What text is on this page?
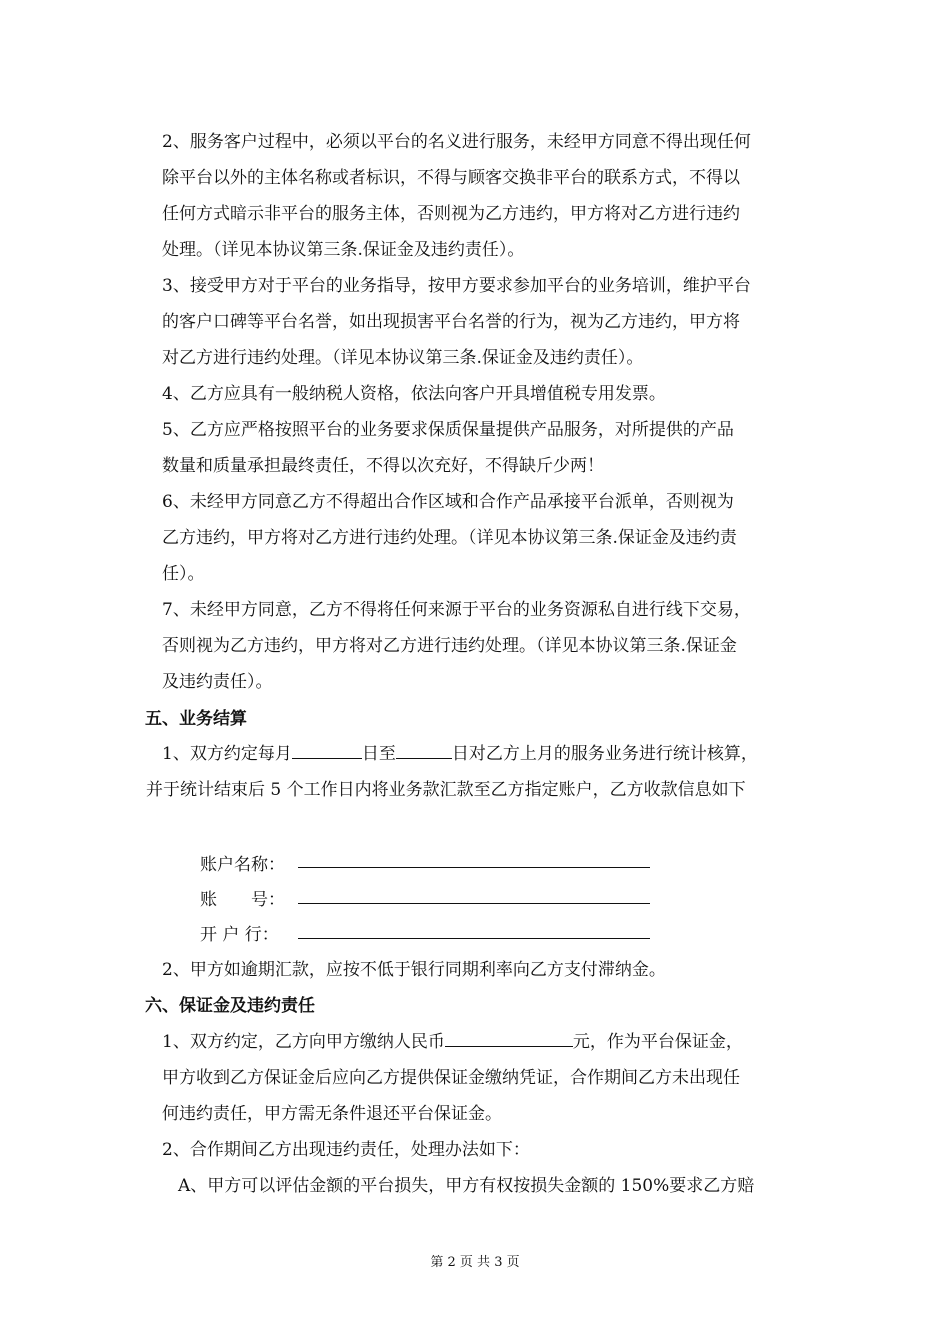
2、服务客户过程中，必须以平台的名义进行服务，未经甲方同意不得出现任何
除平台以外的主体名称或者标识，不得与顾客交换非平台的联系方式，不得以
任何方式暗示非平台的服务主体，否则视为乙方违约，甲方将对乙方进行违约
处理。（详见本协议第三条.保证金及违约责任）。
3、接受甲方对于平台的业务指导，按甲方要求参加平台的业务培训，维护平台
的客户口碑等平台名誉，如出现损害平台名誉的行为，视为乙方违约，甲方将
对乙方进行违约处理。（详见本协议第三条.保证金及违约责任）。
4、乙方应具有一般纳税人资格，依法向客户开具增值税专用发票。
5、乙方应严格按照平台的业务要求保质保量提供产品服务，对所提供的产品
数量和质量承担最终责任，不得以次充好，不得缺斤少两！
6、未经甲方同意乙方不得超出合作区域和合作产品承接平台派单，否则视为
乙方违约，甲方将对乙方进行违约处理。（详见本协议第三条.保证金及违约责
任）。
7、未经甲方同意，乙方不得将任何来源于平台的业务资源私自进行线下交易，
否则视为乙方违约，甲方将对乙方进行违约处理。（详见本协议第三条.保证金
及违约责任）。
五、业务结算
1、双方约定每月	日至	日对乙方上月的服务业务进行统计核算，
并于统计结束后 5 个工作日内将业务款汇款至乙方指定账户，乙方收款信息如下
账户名称：
账　　号：
开 户 行：
2、甲方如逾期汇款，应按不低于银行同期利率向乙方支付滞纳金。
六、保证金及违约责任
1、双方约定，乙方向甲方缴纳人民币	元，作为平台保证金，
甲方收到乙方保证金后应向乙方提供保证金缴纳凭证，合作期间乙方未出现任
何违约责任，甲方需无条件退还平台保证金。
2、合作期间乙方出现违约责任，处理办法如下：
A、甲方可以评估金额的平台损失，甲方有权按损失金额的 150%要求乙方赔
第 2 页 共 3 页
